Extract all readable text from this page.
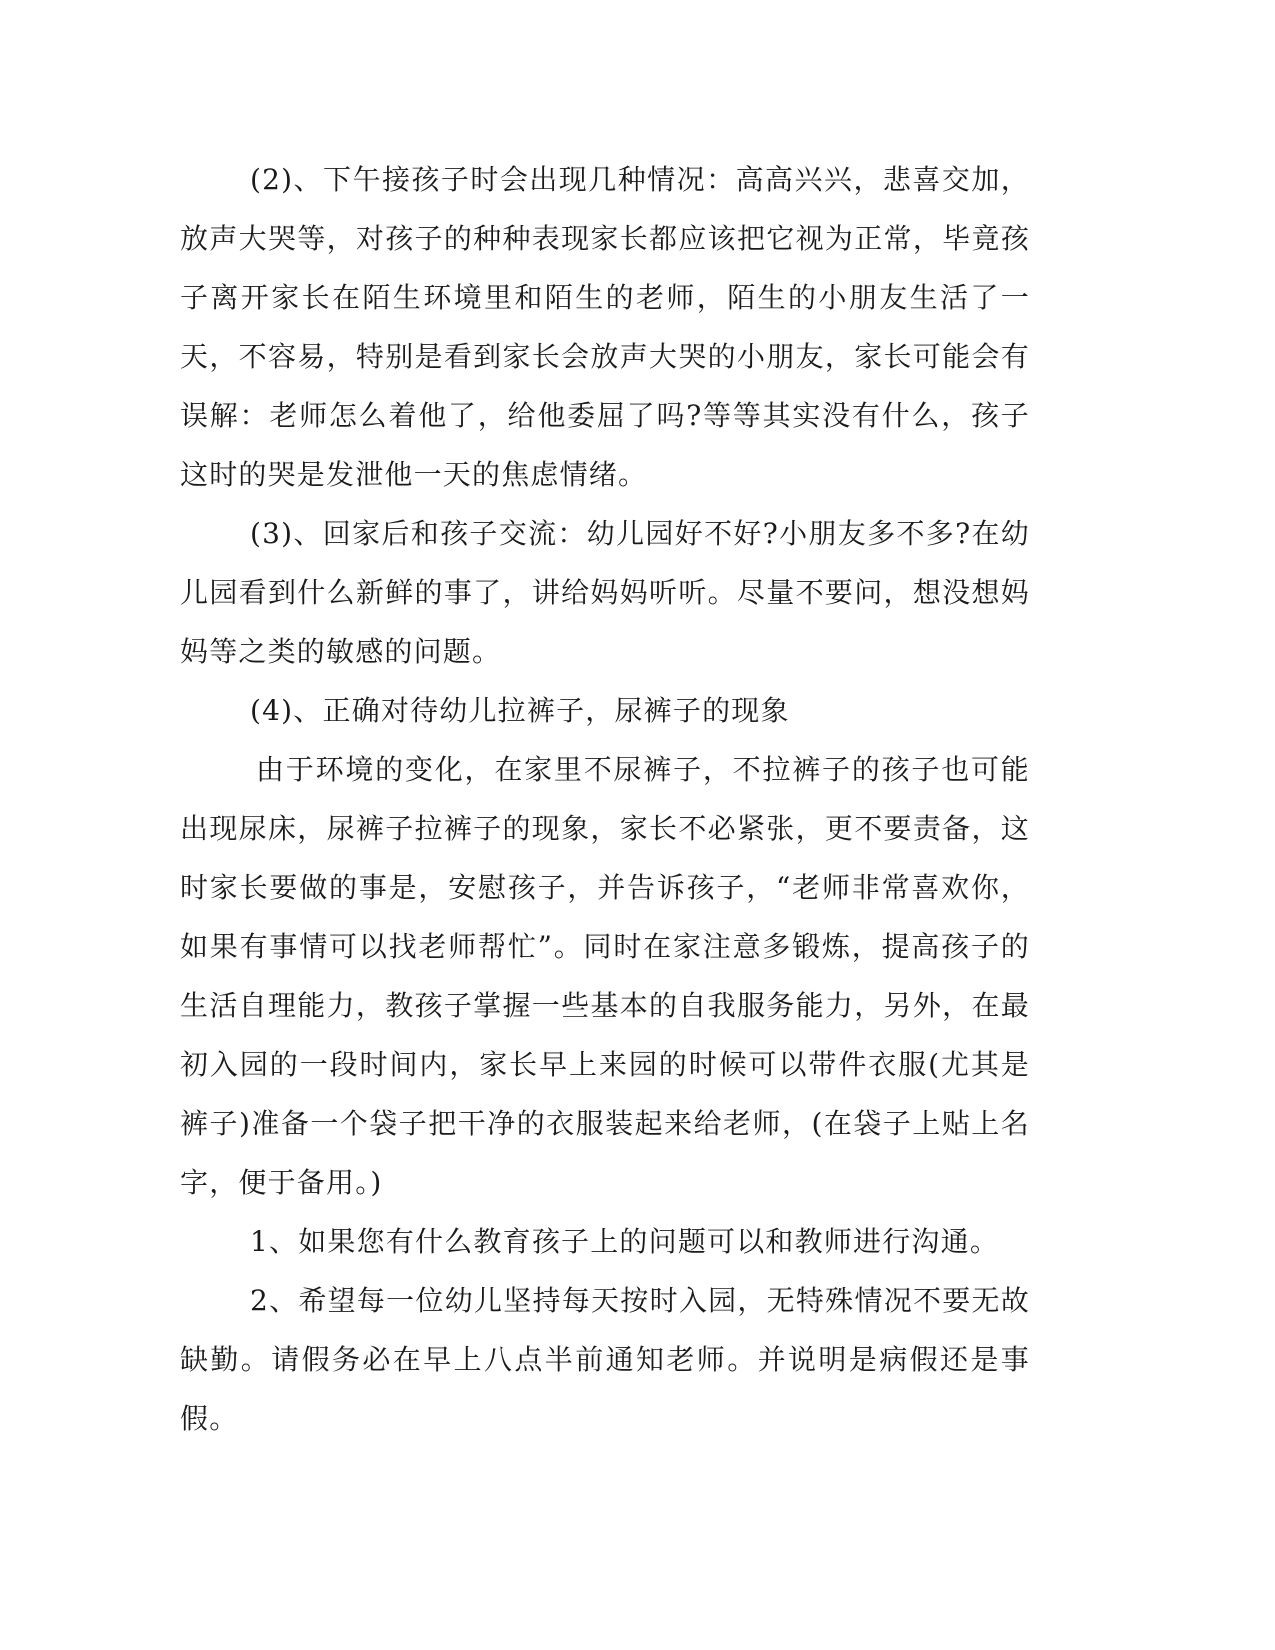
(2)、下午接孩子时会出现几种情况：高高兴兴，悲喜交加，放声大哭等，对孩子的种种表现家长都应该把它视为正常，毕竟孩子离开家长在陌生环境里和陌生的老师，陌生的小朋友生活了一天，不容易，特别是看到家长会放声大哭的小朋友，家长可能会有误解：老师怎么着他了，给他委屈了吗?等等其实没有什么，孩子这时的哭是发泄他一天的焦虑情绪。

(3)、回家后和孩子交流：幼儿园好不好?小朋友多不多?在幼儿园看到什么新鲜的事了，讲给妈妈听听。尽量不要问，想没想妈妈等之类的敏感的问题。

(4)、正确对待幼儿拉裤子，尿裤子的现象

由于环境的变化，在家里不尿裤子，不拉裤子的孩子也可能出现尿床，尿裤子拉裤子的现象，家长不必紧张，更不要责备，这时家长要做的事是，安慰孩子，并告诉孩子，“老师非常喜欢你，如果有事情可以找老师帮忙”。同时在家注意多锻炼，提高孩子的生活自理能力，教孩子掌握一些基本的自我服务能力，另外，在最初入园的一段时间内，家长早上来园的时候可以带件衣服(尤其是裤子)准备一个袋子把干净的衣服装起来给老师，(在袋子上贴上名字，便于备用。)

1、如果您有什么教育孩子上的问题可以和教师进行沟通。

2、希望每一位幼儿坚持每天按时入园，无特殊情况不要无故缺勤。请假务必在早上八点半前通知老师。并说明是病假还是事假。
